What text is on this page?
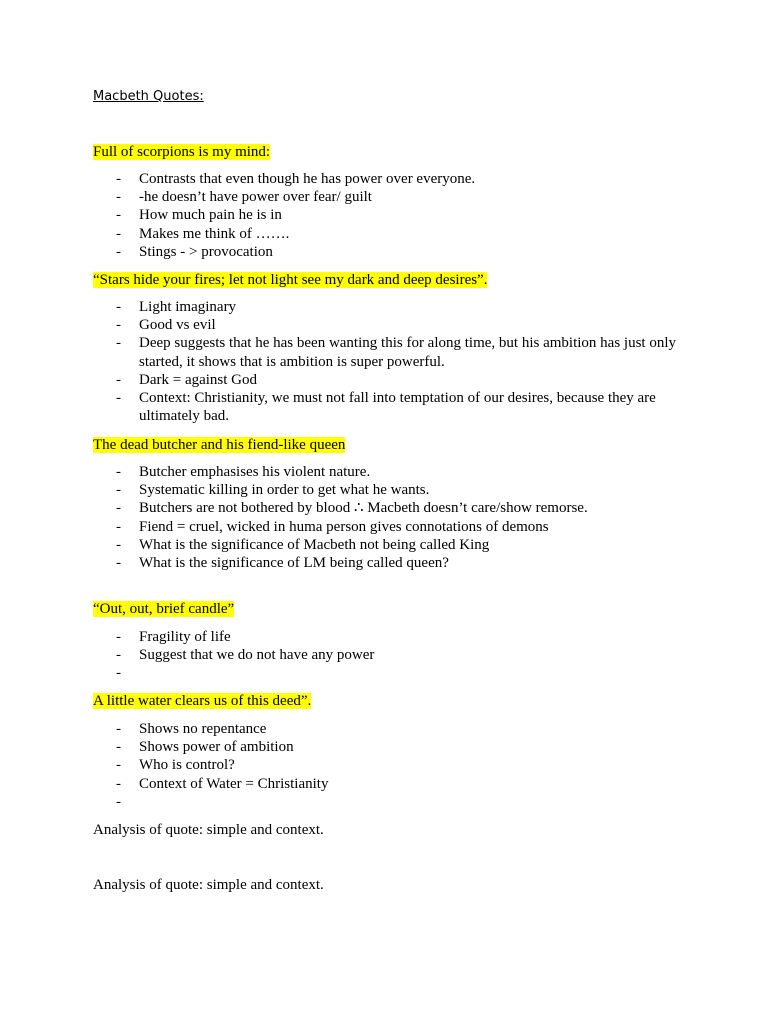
Macbeth Quotes:
Full of scorpions is my mind:
- Contrasts that even though he has power over everyone.
- -he doesn’t have power over fear/ guilt
- How much pain he is in
- Makes me think of …….
- Stings - > provocation
“Stars hide your fires; let not light see my dark and deep desires”.
- Light imaginary
- Good vs evil
- Deep suggests that he has been wanting this for along time, but his ambition has just only started, it shows that is ambition is super powerful.
- Dark = against God
- Context: Christianity, we must not fall into temptation of our desires, because they are ultimately bad.
The dead butcher and his fiend-like queen
- Butcher emphasises his violent nature.
- Systematic killing in order to get what he wants.
- Butchers are not bothered by blood ∴ Macbeth doesn’t care/show remorse.
- Fiend = cruel, wicked in huma person gives connotations of demons
- What is the significance of Macbeth not being called King
- What is the significance of LM being called queen?
“Out, out, brief candle”
- Fragility of life
- Suggest that we do not have any power
-

A little water clears us of this deed”.
- Shows no repentance
- Shows power of ambition
- Who is control?
- Context of Water = Christianity
-

Analysis of quote: simple and context.
Analysis of quote: simple and context.
